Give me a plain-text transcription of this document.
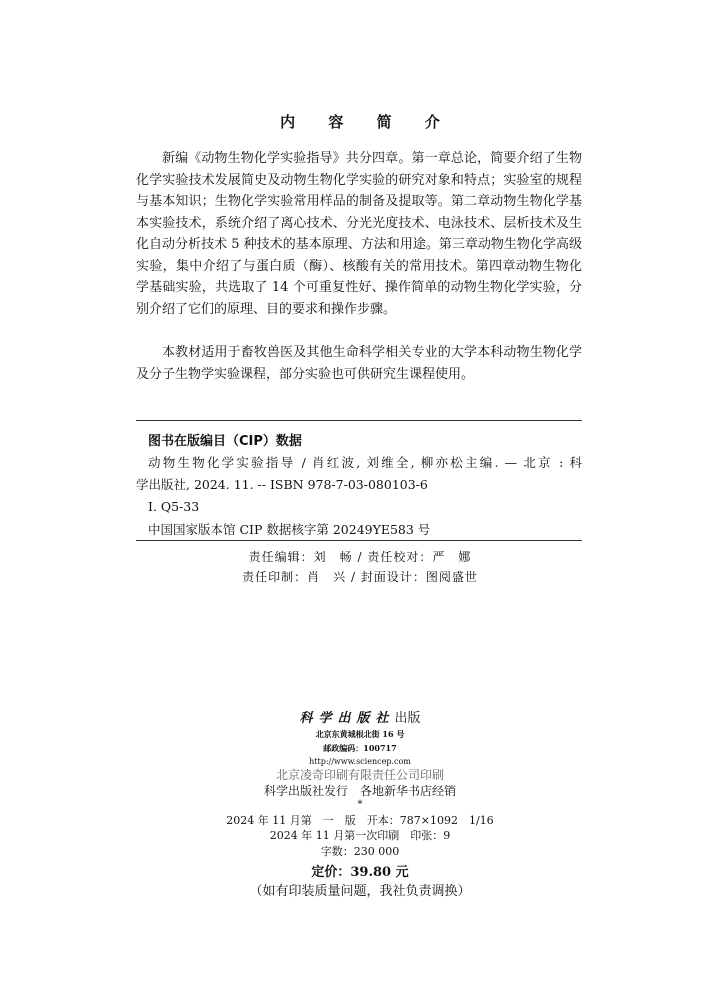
内 容 简 介

新编《动物生物化学实验指导》共分四章。第一章总论，简要介绍了生物化学实验技术发展简史及动物生物化学实验的研究对象和特点；实验室的规程与基本知识；生物化学实验常用样品的制备及提取等。第二章动物生物化学基本实验技术，系统介绍了离心技术、分光光度技术、电泳技术、层析技术及生化自动分析技术 5 种技术的基本原理、方法和用途。第三章动物生物化学高级实验，集中介绍了与蛋白质（酶）、核酸有关的常用技术。第四章动物生物化学基础实验，共选取了 14 个可重复性好、操作简单的动物生物化学实验，分别介绍了它们的原理、目的要求和操作步骤。

本教材适用于畜牧兽医及其他生命科学相关专业的大学本科动物生物化学及分子生物学实验课程，部分实验也可供研究生课程使用。

图书在版编目（CIP）数据
动物生物化学实验指导 / 肖红波, 刘维全, 柳亦松主编. — 北京 : 科
学出版社, 2024. 11. -- ISBN 978-7-03-080103-6
Ⅰ. Q5-33
中国国家版本馆 CIP 数据核字第 20249YE583 号
责任编辑：刘　畅 / 责任校对：严　娜
责任印制：肖　兴 / 封面设计：图阅盛世
科学出版社出版
北京东黄城根北街 16 号
邮政编码：100717
http://www.sciencep.com
北京凌奇印刷有限责任公司印刷
科学出版社发行　各地新华书店经销
*
2024 年 11 月第　一　版　开本：787×1092　1/16
2024 年 11 月第一次印刷　印张：9
字数：230 000
定价：39.80 元
（如有印装质量问题，我社负责调换）
